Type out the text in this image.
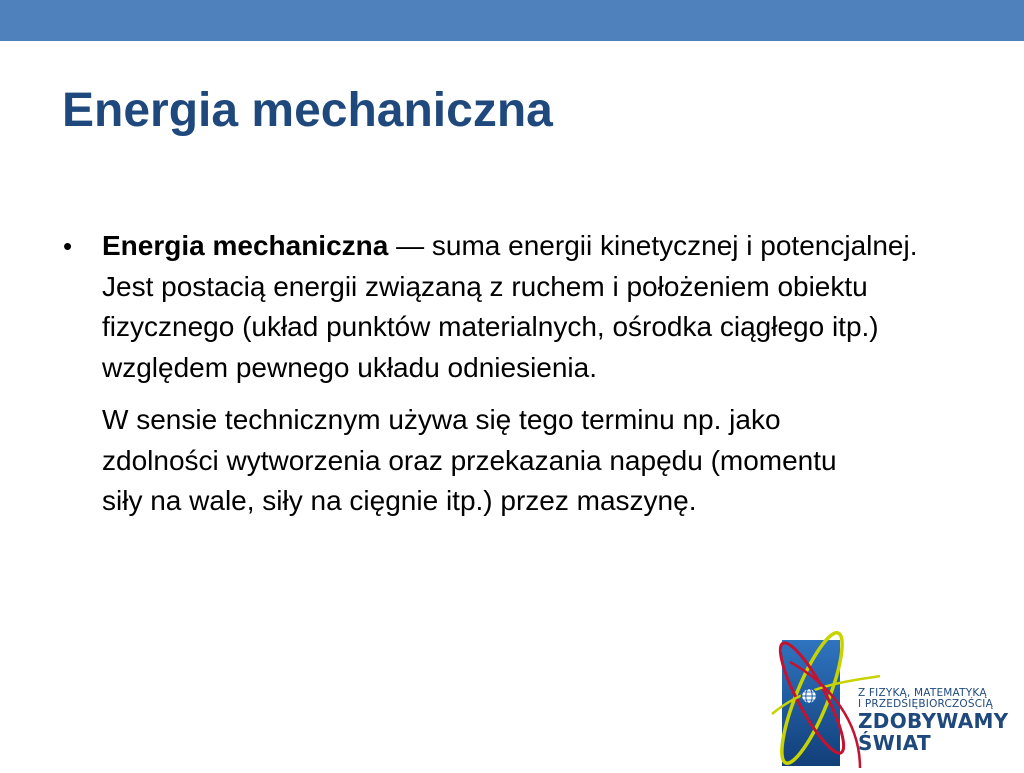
Energia mechaniczna
•	Energia mechaniczna — suma energii kinetycznej i potencjalnej. Jest postacią energii związaną z ruchem i położeniem obiektu fizycznego (układ punktów materialnych, ośrodka ciągłego itp.) względem pewnego układu odniesienia.

W sensie technicznym używa się tego terminu np. jako zdolności wytworzenia oraz przekazania napędu (momentu siły na wale, siły na cięgnie itp.) przez maszynę.
Z FIZYKĄ, MATEMATYKĄ
I PRZEDSIĘBIORCZOŚCIĄ
ZDOBYWAMY
ŚWIAT
